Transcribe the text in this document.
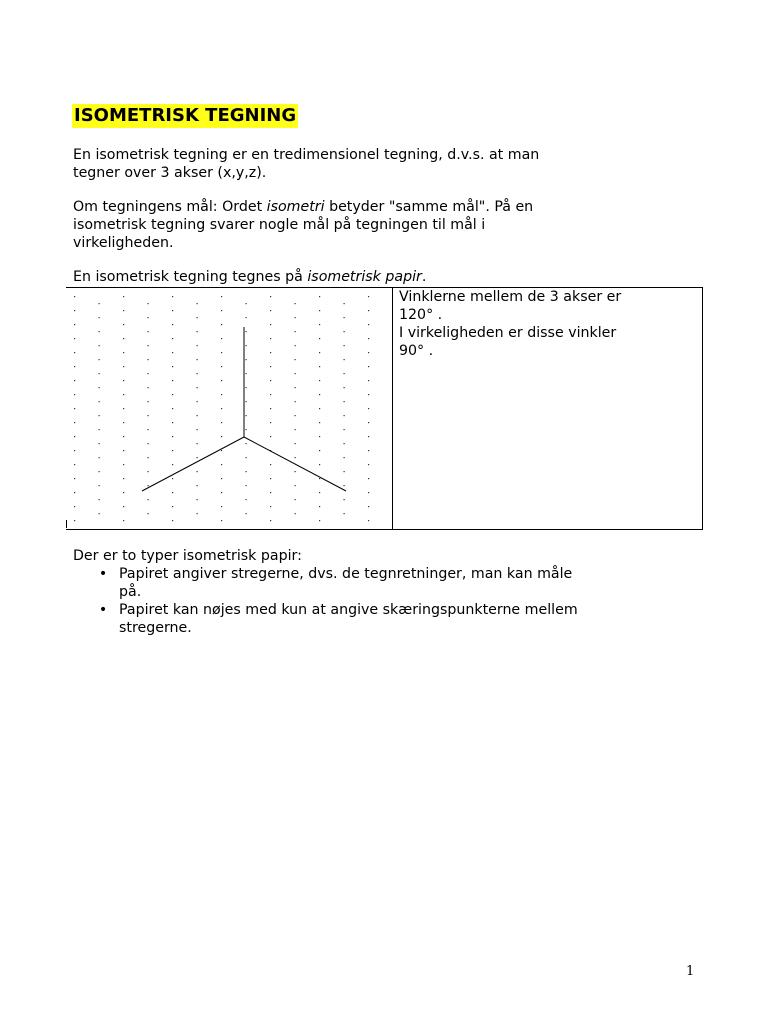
ISOMETRISK TEGNING

En isometrisk tegning er en tredimensionel tegning, d.v.s. at man
tegner over 3 akser (x,y,z).

Om tegningens mål: Ordet isometri betyder "samme mål". På en
isometrisk tegning svarer nogle mål på tegningen til mål i
virkeligheden.

En isometrisk tegning tegnes på isometrisk papir.

Vinklerne mellem de 3 akser er
120° .
I virkeligheden er disse vinkler
90° .
Der er to typer isometrisk papir:
• Papiret angiver stregerne, dvs. de tegnretninger, man kan måle
på.
• Papiret kan nøjes med kun at angive skæringspunkterne mellem
stregerne.
1
